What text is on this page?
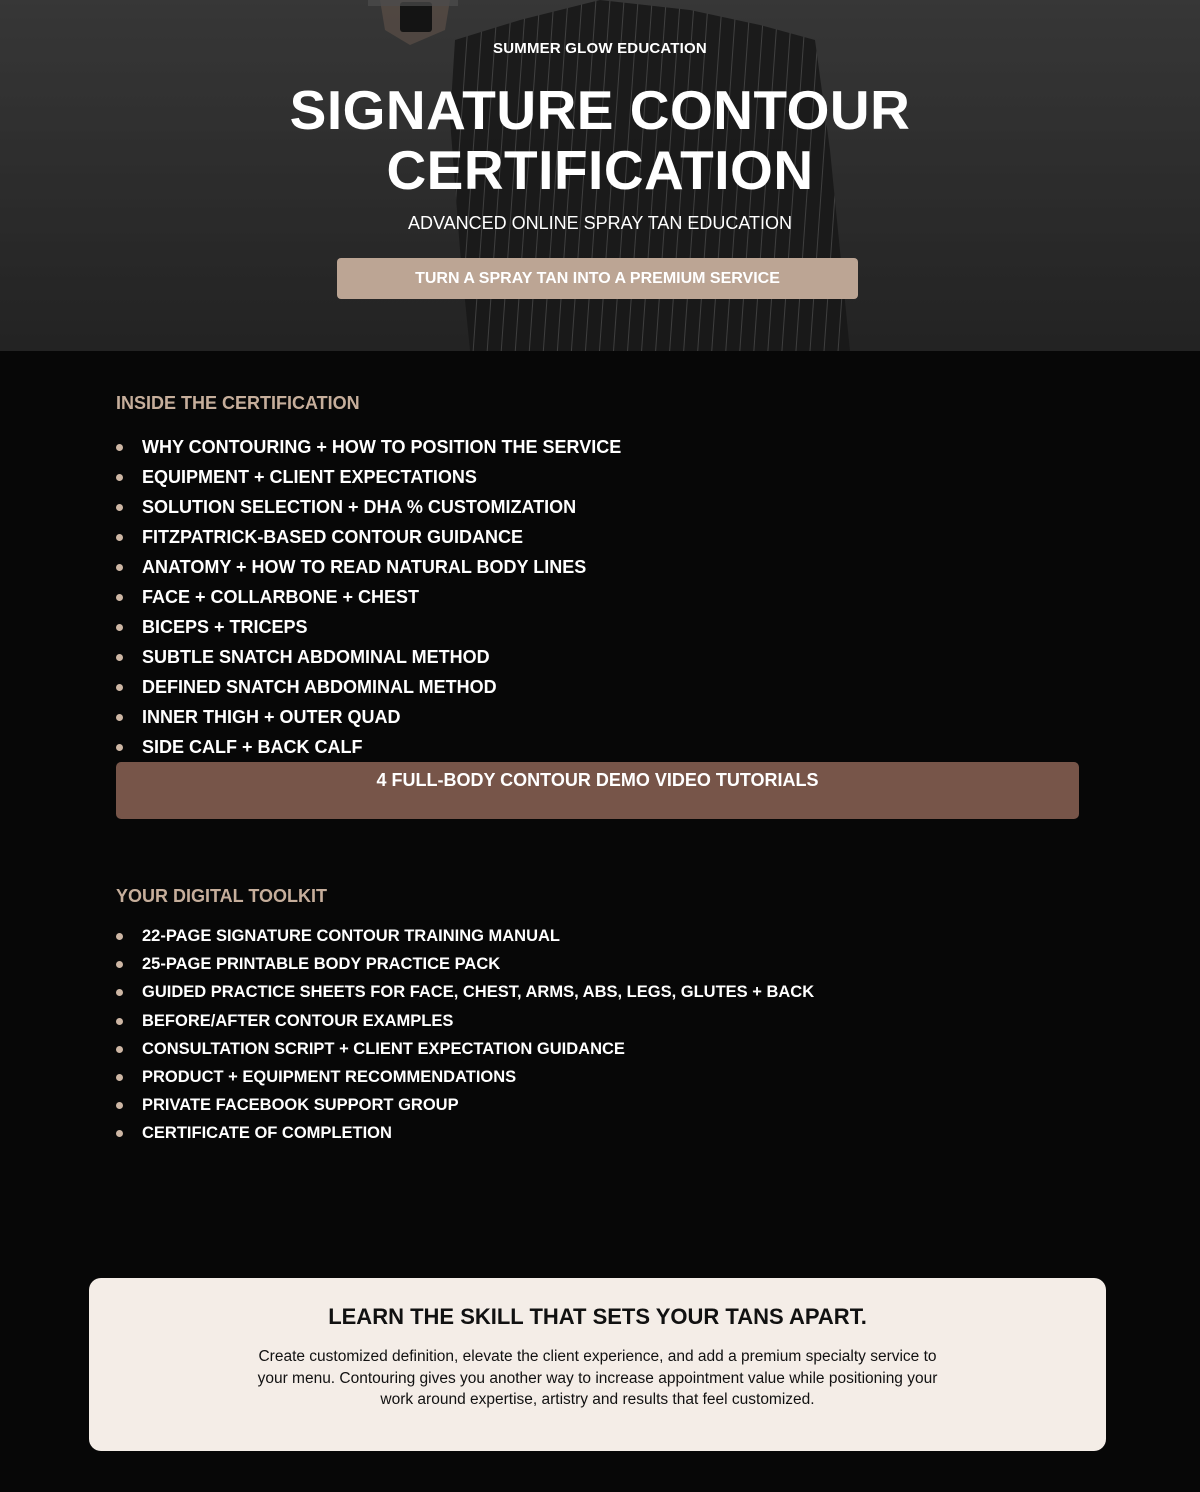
SUMMER GLOW EDUCATION
SIGNATURE CONTOUR
CERTIFICATION
ADVANCED ONLINE SPRAY TAN EDUCATION
TURN A SPRAY TAN INTO A PREMIUM SERVICE
INSIDE THE CERTIFICATION
WHY CONTOURING + HOW TO POSITION THE SERVICE
EQUIPMENT + CLIENT EXPECTATIONS
SOLUTION SELECTION + DHA % CUSTOMIZATION
FITZPATRICK-BASED CONTOUR GUIDANCE
ANATOMY + HOW TO READ NATURAL BODY LINES
FACE + COLLARBONE + CHEST
BICEPS + TRICEPS
SUBTLE SNATCH ABDOMINAL METHOD
DEFINED SNATCH ABDOMINAL METHOD
INNER THIGH + OUTER QUAD
SIDE CALF + BACK CALF
4 FULL-BODY CONTOUR DEMO VIDEO TUTORIALS
YOUR DIGITAL TOOLKIT
22-PAGE SIGNATURE CONTOUR TRAINING MANUAL
25-PAGE PRINTABLE BODY PRACTICE PACK
GUIDED PRACTICE SHEETS FOR FACE, CHEST, ARMS, ABS, LEGS, GLUTES + BACK
BEFORE/AFTER CONTOUR EXAMPLES
CONSULTATION SCRIPT + CLIENT EXPECTATION GUIDANCE
PRODUCT + EQUIPMENT RECOMMENDATIONS
PRIVATE FACEBOOK SUPPORT GROUP
CERTIFICATE OF COMPLETION
LEARN THE SKILL THAT SETS YOUR TANS APART.
Create customized definition, elevate the client experience, and add a premium specialty service to your menu. Contouring gives you another way to increase appointment value while positioning your work around expertise, artistry and results that feel customized.
